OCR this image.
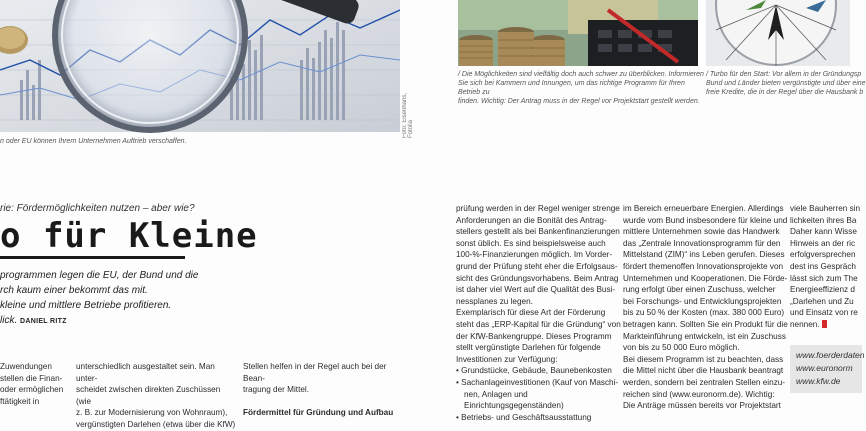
Foto: Eisenhans, Fotolia
n oder EU können Ihrem Unternehmen Auftrieb verschaffen.
/ Die Möglichkeiten sind vielfältig doch auch schwer zu überblicken. Informieren
Sie sich bei Kammern und Innungen, um das richtige Programm für Ihren Betrieb zu
finden. Wichtig: Der Antrag muss in der Regel vor Projektstart gestellt werden.
/ Turbo für den Start: Vor allem in der Gründungsp
Bund und Länder bieten vergünstigte und über eine
freie Kredite, die in der Regel über die Hausbank b
rie: Fördermöglichkeiten nutzen – aber wie?
o für Kleine
programmen legen die EU, der Bund und die
rch kaum einer bekommt das mit.
kleine und mittlere Betriebe profitieren.
lick. DANIEL RITZ

Zuwendungen

stellen die Finan-

oder ermöglichen

ftätigkeit in

unterschiedlich ausgestaltet sein. Man unter-

scheidet zwischen direkten Zuschüssen (wie

z. B. zur Modernisierung von Wohnraum),

vergünstigten Darlehen (etwa über die KfW)

Stellen helfen in der Regel auch bei der Bean-

tragung der Mittel.

Fördermittel für Gründung und Aufbau

prüfung werden in der Regel weniger strenge

Anforderungen an die Bonität des Antrag-

stellers gestellt als bei Bankenfinanzierungen

sonst üblich. Es sind beispielsweise auch

100-%-Finanzierungen möglich. Im Vorder-

grund der Prüfung steht eher die Erfolgsaus-

sicht des Gründungsvorhabens. Beim Antrag

ist daher viel Wert auf die Qualität des Busi-

nessplanes zu legen.

Exemplarisch für diese Art der Förderung

steht das „ERP-Kapital für die Gründung“ von

der KfW-Bankengruppe. Dieses Programm

stellt vergünstigte Darlehen für folgende

Investitionen zur Verfügung:

• Grundstücke, Gebäude, Baunebenkosten

• Sachanlageinvestitionen (Kauf von Maschi-

nen, Anlagen und Einrichtungsgegenständen)

• Betriebs- und Geschäftsausstattung

im Bereich erneuerbare Energien. Allerdings

wurde vom Bund insbesondere für kleine und

mittlere Unternehmen sowie das Handwerk

das „Zentrale Innovationsprogramm für den

Mittelstand (ZIM)“ ins Leben gerufen. Dieses

fördert themenoffen Innovationsprojekte von

Unternehmen und Kooperationen. Die Förde-

rung erfolgt über einen Zuschuss, welcher

bei Forschungs- und Entwicklungsprojekten

bis zu 50 % der Kosten (max. 380 000 Euro)

betragen kann. Sollten Sie ein Produkt für die

Markteinführung entwickeln, ist ein Zuschuss

von bis zu 50 000 Euro möglich.

Bei diesem Programm ist zu beachten, dass

die Mittel nicht über die Hausbank beantragt

werden, sondern bei zentralen Stellen einzu-

reichen sind (www.euronorm.de). Wichtig:

Die Anträge müssen bereits vor Projektstart

viele Bauherren sin

lichkeiten ihres Ba

Daher kann Wisse

Hinweis an der ric

erfolgversprechen

dest ins Gespräch

lässt sich zum The

Energieeffizienz d

„Darlehen und Zu

und Einsatz von re

nennen.

www.foerderdaten
www.euronorm
www.kfw.de
